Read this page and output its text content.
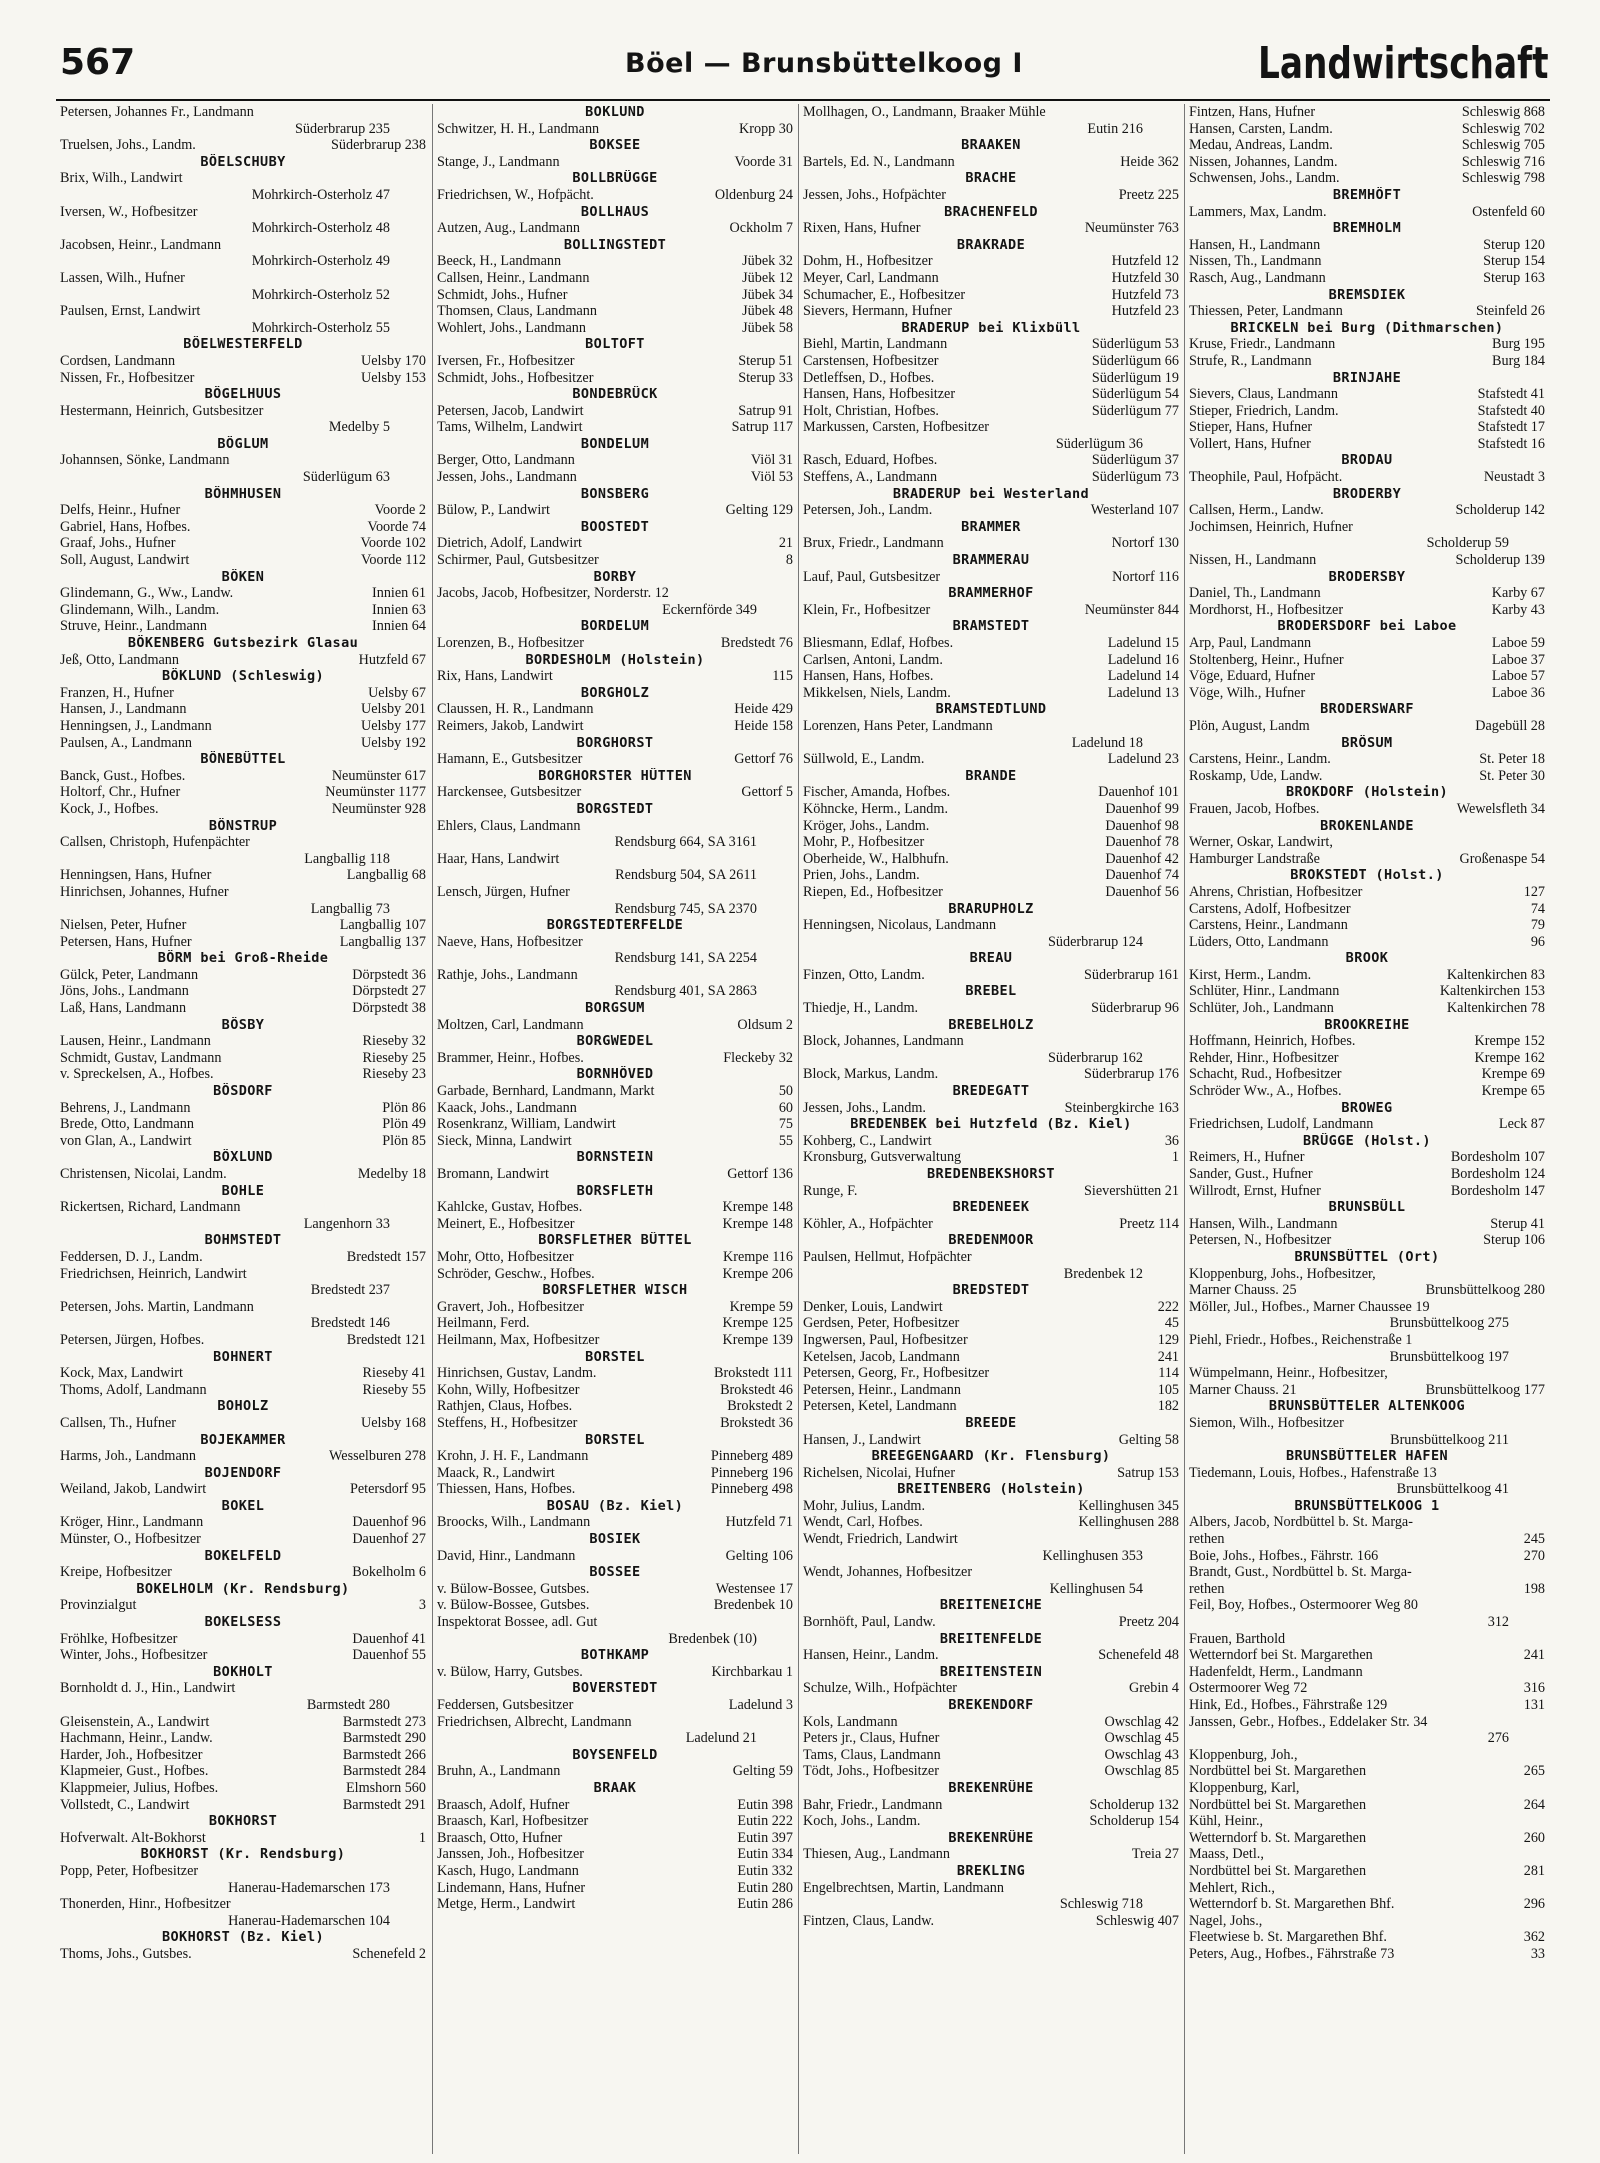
567	Böel — Brunsbüttelkoog I	Landwirtschaft
Petersen, Johannes Fr., Landmann
Süderbrarup 235
Truelsen, Johs., Landm.	Süderbrarup 238
BÖELSCHUBY
Brix, Wilh., Landwirt
Mohrkirch-Osterholz 47
Iversen, W., Hofbesitzer
Mohrkirch-Osterholz 48
Jacobsen, Heinr., Landmann
Mohrkirch-Osterholz 49
Lassen, Wilh., Hufner
Mohrkirch-Osterholz 52
Paulsen, Ernst, Landwirt
Mohrkirch-Osterholz 55
BÖELWESTERFELD
Cordsen, Landmann	Uelsby 170
Nissen, Fr., Hofbesitzer	Uelsby 153
BÖGELHUUS
Hestermann, Heinrich, Gutsbesitzer
Medelby 5
BÖGLUM
Johannsen, Sönke, Landmann
Süderlügum 63
BÖHMHUSEN
Delfs, Heinr., Hufner	Voorde 2
Gabriel, Hans, Hofbes.	Voorde 74
Graaf, Johs., Hufner	Voorde 102
Soll, August, Landwirt	Voorde 112
BÖKEN
Glindemann, G., Ww., Landw.	Innien 61
Glindemann, Wilh., Landm.	Innien 63
Struve, Heinr., Landmann	Innien 64
BÖKENBERG Gutsbezirk Glasau
Jeß, Otto, Landmann	Hutzfeld 67
BÖKLUND (Schleswig)
Franzen, H., Hufner	Uelsby 67
Hansen, J., Landmann	Uelsby 201
Henningsen, J., Landmann	Uelsby 177
Paulsen, A., Landmann	Uelsby 192
BÖNEBÜTTEL
Banck, Gust., Hofbes.	Neumünster 617
Holtorf, Chr., Hufner	Neumünster 1177
Kock, J., Hofbes.	Neumünster 928
BÖNSTRUP
Callsen, Christoph, Hufenpächter
Langballig 118
Henningsen, Hans, Hufner	Langballig 68
Hinrichsen, Johannes, Hufner
Langballig 73
Nielsen, Peter, Hufner	Langballig 107
Petersen, Hans, Hufner	Langballig 137
BÖRM bei Groß-Rheide
Gülck, Peter, Landmann	Dörpstedt 36
Jöns, Johs., Landmann	Dörpstedt 27
Laß, Hans, Landmann	Dörpstedt 38
BÖSBY
Lausen, Heinr., Landmann	Rieseby 32
Schmidt, Gustav, Landmann	Rieseby 25
v. Spreckelsen, A., Hofbes.	Rieseby 23
BÖSDORF
Behrens, J., Landmann	Plön 86
Brede, Otto, Landmann	Plön 49
von Glan, A., Landwirt	Plön 85
BÖXLUND
Christensen, Nicolai, Landm.	Medelby 18
BOHLE
Rickertsen, Richard, Landmann
Langenhorn 33
BOHMSTEDT
Feddersen, D. J., Landm.	Bredstedt 157
Friedrichsen, Heinrich, Landwirt
Bredstedt 237
Petersen, Johs. Martin, Landmann
Bredstedt 146
Petersen, Jürgen, Hofbes.	Bredstedt 121
BOHNERT
Kock, Max, Landwirt	Rieseby 41
Thoms, Adolf, Landmann	Rieseby 55
BOHOLZ
Callsen, Th., Hufner	Uelsby 168
BOJEKAMMER
Harms, Joh., Landmann	Wesselburen 278
BOJENDORF
Weiland, Jakob, Landwirt	Petersdorf 95
BOKEL
Kröger, Hinr., Landmann	Dauenhof 96
Münster, O., Hofbesitzer	Dauenhof 27
BOKELFELD
Kreipe, Hofbesitzer	Bokelholm 6
BOKELHOLM (Kr. Rendsburg)
Provinzialgut	3
BOKELSESS
Fröhlke, Hofbesitzer	Dauenhof 41
Winter, Johs., Hofbesitzer	Dauenhof 55
BOKHOLT
Bornholdt d. J., Hin., Landwirt
Barmstedt 280
Gleisenstein, A., Landwirt	Barmstedt 273
Hachmann, Heinr., Landw.	Barmstedt 290
Harder, Joh., Hofbesitzer	Barmstedt 266
Klapmeier, Gust., Hofbes.	Barmstedt 284
Klappmeier, Julius, Hofbes.	Elmshorn 560
Vollstedt, C., Landwirt	Barmstedt 291
BOKHORST
Hofverwalt. Alt-Bokhorst	1
BOKHORST (Kr. Rendsburg)
Popp, Peter, Hofbesitzer
Hanerau-Hademarschen 173
Thonerden, Hinr., Hofbesitzer
Hanerau-Hademarschen 104
BOKHORST (Bz. Kiel)
Thoms, Johs., Gutsbes.	Schenefeld 2
BOKLUND
Schwitzer, H. H., Landmann	Kropp 30
BOKSEE
Stange, J., Landmann	Voorde 31
BOLLBRÜGGE
Friedrichsen, W., Hofpächt.	Oldenburg 24
BOLLHAUS
Autzen, Aug., Landmann	Ockholm 7
BOLLINGSTEDT
Beeck, H., Landmann	Jübek 32
Callsen, Heinr., Landmann	Jübek 12
Schmidt, Johs., Hufner	Jübek 34
Thomsen, Claus, Landmann	Jübek 48
Wohlert, Johs., Landmann	Jübek 58
BOLTOFT
Iversen, Fr., Hofbesitzer	Sterup 51
Schmidt, Johs., Hofbesitzer	Sterup 33
BONDEBRÜCK
Petersen, Jacob, Landwirt	Satrup 91
Tams, Wilhelm, Landwirt	Satrup 117
BONDELUM
Berger, Otto, Landmann	Viöl 31
Jessen, Johs., Landmann	Viöl 53
BONSBERG
Bülow, P., Landwirt	Gelting 129
BOOSTEDT
Dietrich, Adolf, Landwirt	21
Schirmer, Paul, Gutsbesitzer	8
BORBY
Jacobs, Jacob, Hofbesitzer, Norderstr. 12
Eckernförde 349
BORDELUM
Lorenzen, B., Hofbesitzer	Bredstedt 76
BORDESHOLM (Holstein)
Rix, Hans, Landwirt	115
BORGHOLZ
Claussen, H. R., Landmann	Heide 429
Reimers, Jakob, Landwirt	Heide 158
BORGHORST
Hamann, E., Gutsbesitzer	Gettorf 76
BORGHORSTER HÜTTEN
Harckensee, Gutsbesitzer	Gettorf 5
BORGSTEDT
Ehlers, Claus, Landmann
Rendsburg 664, SA 3161
Haar, Hans, Landwirt
Rendsburg 504, SA 2611
Lensch, Jürgen, Hufner
Rendsburg 745, SA 2370
BORGSTEDTERFELDE
Naeve, Hans, Hofbesitzer
Rendsburg 141, SA 2254
Rathje, Johs., Landmann
Rendsburg 401, SA 2863
BORGSUM
Moltzen, Carl, Landmann	Oldsum 2
BORGWEDEL
Brammer, Heinr., Hofbes.	Fleckeby 32
BORNHÖVED
Garbade, Bernhard, Landmann, Markt	50
Kaack, Johs., Landmann	60
Rosenkranz, William, Landwirt	75
Sieck, Minna, Landwirt	55
BORNSTEIN
Bromann, Landwirt	Gettorf 136
BORSFLETH
Kahlcke, Gustav, Hofbes.	Krempe 148
Meinert, E., Hofbesitzer	Krempe 148
BORSFLETHER BÜTTEL
Mohr, Otto, Hofbesitzer	Krempe 116
Schröder, Geschw., Hofbes.	Krempe 206
BORSFLETHER WISCH
Gravert, Joh., Hofbesitzer	Krempe 59
Heilmann, Ferd.	Krempe 125
Heilmann, Max, Hofbesitzer	Krempe 139
BORSTEL
Hinrichsen, Gustav, Landm.	Brokstedt 111
Kohn, Willy, Hofbesitzer	Brokstedt 46
Rathjen, Claus, Hofbes.	Brokstedt 2
Steffens, H., Hofbesitzer	Brokstedt 36
BORSTEL
Krohn, J. H. F., Landmann	Pinneberg 489
Maack, R., Landwirt	Pinneberg 196
Thiessen, Hans, Hofbes.	Pinneberg 498
BOSAU (Bz. Kiel)
Broocks, Wilh., Landmann	Hutzfeld 71
BOSIEK
David, Hinr., Landmann	Gelting 106
BOSSEE
v. Bülow-Bossee, Gutsbes.	Westensee 17
v. Bülow-Bossee, Gutsbes.	Bredenbek 10
Inspektorat Bossee, adl. Gut
Bredenbek (10)
BOTHKAMP
v. Bülow, Harry, Gutsbes.	Kirchbarkau 1
BOVERSTEDT
Feddersen, Gutsbesitzer	Ladelund 3
Friedrichsen, Albrecht, Landmann
Ladelund 21
BOYSENFELD
Bruhn, A., Landmann	Gelting 59
BRAAK
Braasch, Adolf, Hufner	Eutin 398
Braasch, Karl, Hofbesitzer	Eutin 222
Braasch, Otto, Hufner	Eutin 397
Janssen, Joh., Hofbesitzer	Eutin 334
Kasch, Hugo, Landmann	Eutin 332
Lindemann, Hans, Hufner	Eutin 280
Metge, Herm., Landwirt	Eutin 286
Mollhagen, O., Landmann, Braaker Mühle
Eutin 216
BRAAKEN
Bartels, Ed. N., Landmann	Heide 362
BRACHE
Jessen, Johs., Hofpächter	Preetz 225
BRACHENFELD
Rixen, Hans, Hufner	Neumünster 763
BRAKRADE
Dohm, H., Hofbesitzer	Hutzfeld 12
Meyer, Carl, Landmann	Hutzfeld 30
Schumacher, E., Hofbesitzer	Hutzfeld 73
Sievers, Hermann, Hufner	Hutzfeld 23
BRADERUP bei Klixbüll
Biehl, Martin, Landmann	Süderlügum 53
Carstensen, Hofbesitzer	Süderlügum 66
Detleffsen, D., Hofbes.	Süderlügum 19
Hansen, Hans, Hofbesitzer	Süderlügum 54
Holt, Christian, Hofbes.	Süderlügum 77
Markussen, Carsten, Hofbesitzer
Süderlügum 36
Rasch, Eduard, Hofbes.	Süderlügum 37
Steffens, A., Landmann	Süderlügum 73
BRADERUP bei Westerland
Petersen, Joh., Landm.	Westerland 107
BRAMMER
Brux, Friedr., Landmann	Nortorf 130
BRAMMERAU
Lauf, Paul, Gutsbesitzer	Nortorf 116
BRAMMERHOF
Klein, Fr., Hofbesitzer	Neumünster 844
BRAMSTEDT
Bliesmann, Edlaf, Hofbes.	Ladelund 15
Carlsen, Antoni, Landm.	Ladelund 16
Hansen, Hans, Hofbes.	Ladelund 14
Mikkelsen, Niels, Landm.	Ladelund 13
BRAMSTEDTLUND
Lorenzen, Hans Peter, Landmann
Ladelund 18
Süllwold, E., Landm.	Ladelund 23
BRANDE
Fischer, Amanda, Hofbes.	Dauenhof 101
Köhncke, Herm., Landm.	Dauenhof 99
Kröger, Johs., Landm.	Dauenhof 98
Mohr, P., Hofbesitzer	Dauenhof 78
Oberheide, W., Halbhufn.	Dauenhof 42
Prien, Johs., Landm.	Dauenhof 74
Riepen, Ed., Hofbesitzer	Dauenhof 56
BRARUPHOLZ
Henningsen, Nicolaus, Landmann
Süderbrarup 124
BREAU
Finzen, Otto, Landm.	Süderbrarup 161
BREBEL
Thiedje, H., Landm.	Süderbrarup 96
BREBELHOLZ
Block, Johannes, Landmann
Süderbrarup 162
Block, Markus, Landm.	Süderbrarup 176
BREDEGATT
Jessen, Johs., Landm.	Steinbergkirche 163
BREDENBEK bei Hutzfeld (Bz. Kiel)
Kohberg, C., Landwirt	36
Kronsburg, Gutsverwaltung	1
BREDENBEKSHORST
Runge, F.	Sievershütten 21
BREDENEEK
Köhler, A., Hofpächter	Preetz 114
BREDENMOOR
Paulsen, Hellmut, Hofpächter
Bredenbek 12
BREDSTEDT
Denker, Louis, Landwirt	222
Gerdsen, Peter, Hofbesitzer	45
Ingwersen, Paul, Hofbesitzer	129
Ketelsen, Jacob, Landmann	241
Petersen, Georg, Fr., Hofbesitzer	114
Petersen, Heinr., Landmann	105
Petersen, Ketel, Landmann	182
BREEDE
Hansen, J., Landwirt	Gelting 58
BREEGENGAARD (Kr. Flensburg)
Richelsen, Nicolai, Hufner	Satrup 153
BREITENBERG (Holstein)
Mohr, Julius, Landm.	Kellinghusen 345
Wendt, Carl, Hofbes.	Kellinghusen 288
Wendt, Friedrich, Landwirt
Kellinghusen 353
Wendt, Johannes, Hofbesitzer
Kellinghusen 54
BREITENEICHE
Bornhöft, Paul, Landw.	Preetz 204
BREITENFELDE
Hansen, Heinr., Landm.	Schenefeld 48
BREITENSTEIN
Schulze, Wilh., Hofpächter	Grebin 4
BREKENDORF
Kols, Landmann	Owschlag 42
Peters jr., Claus, Hufner	Owschlag 45
Tams, Claus, Landmann	Owschlag 43
Tödt, Johs., Hofbesitzer	Owschlag 85
BREKENRÜHE
Bahr, Friedr., Landmann	Scholderup 132
Koch, Johs., Landm.	Scholderup 154
BREKENRÜHE
Thiesen, Aug., Landmann	Treia 27
BREKLING
Engelbrechtsen, Martin, Landmann
Schleswig 718
Fintzen, Claus, Landw.	Schleswig 407
Fintzen, Hans, Hufner	Schleswig 868
Hansen, Carsten, Landm.	Schleswig 702
Medau, Andreas, Landm.	Schleswig 705
Nissen, Johannes, Landm.	Schleswig 716
Schwensen, Johs., Landm.	Schleswig 798
BREMHÖFT
Lammers, Max, Landm.	Ostenfeld 60
BREMHOLM
Hansen, H., Landmann	Sterup 120
Nissen, Th., Landmann	Sterup 154
Rasch, Aug., Landmann	Sterup 163
BREMSDIEK
Thiessen, Peter, Landmann	Steinfeld 26
BRICKELN bei Burg (Dithmarschen)
Kruse, Friedr., Landmann	Burg 195
Strufe, R., Landmann	Burg 184
BRINJAHE
Sievers, Claus, Landmann	Stafstedt 41
Stieper, Friedrich, Landm.	Stafstedt 40
Stieper, Hans, Hufner	Stafstedt 17
Vollert, Hans, Hufner	Stafstedt 16
BRODAU
Theophile, Paul, Hofpächt.	Neustadt 3
BRODERBY
Callsen, Herm., Landw.	Scholderup 142
Jochimsen, Heinrich, Hufner
Scholderup 59
Nissen, H., Landmann	Scholderup 139
BRODERSBY
Daniel, Th., Landmann	Karby 67
Mordhorst, H., Hofbesitzer	Karby 43
BRODERSDORF bei Laboe
Arp, Paul, Landmann	Laboe 59
Stoltenberg, Heinr., Hufner	Laboe 37
Vöge, Eduard, Hufner	Laboe 57
Vöge, Wilh., Hufner	Laboe 36
BRODERSWARF
Plön, August, Landm	Dagebüll 28
BRÖSUM
Carstens, Heinr., Landm.	St. Peter 18
Roskamp, Ude, Landw.	St. Peter 30
BROKDORF (Holstein)
Frauen, Jacob, Hofbes.	Wewelsfleth 34
BROKENLANDE
Werner, Oskar, Landwirt,
Hamburger Landstraße	Großenaspe 54
BROKSTEDT (Holst.)
Ahrens, Christian, Hofbesitzer	127
Carstens, Adolf, Hofbesitzer	74
Carstens, Heinr., Landmann	79
Lüders, Otto, Landmann	96
BROOK
Kirst, Herm., Landm.	Kaltenkirchen 83
Schlüter, Hinr., Landmann	Kaltenkirchen 153
Schlüter, Joh., Landmann	Kaltenkirchen 78
BROOKREIHE
Hoffmann, Heinrich, Hofbes.	Krempe 152
Rehder, Hinr., Hofbesitzer	Krempe 162
Schacht, Rud., Hofbesitzer	Krempe 69
Schröder Ww., A., Hofbes.	Krempe 65
BROWEG
Friedrichsen, Ludolf, Landmann	Leck 87
BRÜGGE (Holst.)
Reimers, H., Hufner	Bordesholm 107
Sander, Gust., Hufner	Bordesholm 124
Willrodt, Ernst, Hufner	Bordesholm 147
BRUNSBÜLL
Hansen, Wilh., Landmann	Sterup 41
Petersen, N., Hofbesitzer	Sterup 106
BRUNSBÜTTEL (Ort)
Kloppenburg, Johs., Hofbesitzer,
Marner Chauss. 25	Brunsbüttelkoog 280
Möller, Jul., Hofbes., Marner Chaussee 19
Brunsbüttelkoog 275
Piehl, Friedr., Hofbes., Reichenstraße 1
Brunsbüttelkoog 197
Wümpelmann, Heinr., Hofbesitzer,
Marner Chauss. 21	Brunsbüttelkoog 177
BRUNSBÜTTELER ALTENKOOG
Siemon, Wilh., Hofbesitzer
Brunsbüttelkoog 211
BRUNSBÜTTELER HAFEN
Tiedemann, Louis, Hofbes., Hafenstraße 13
Brunsbüttelkoog 41
BRUNSBÜTTELKOOG 1
Albers, Jacob, Nordbüttel b. St. Marga-
rethen	245
Boie, Johs., Hofbes., Fährstr. 166	270
Brandt, Gust., Nordbüttel b. St. Marga-
rethen	198
Feil, Boy, Hofbes., Ostermoorer Weg 80
312
Frauen, Barthold
Wetterndorf bei St. Margarethen	241
Hadenfeldt, Herm., Landmann
Ostermoorer Weg 72	316
Hink, Ed., Hofbes., Fährstraße 129	131
Janssen, Gebr., Hofbes., Eddelaker Str. 34
276
Kloppenburg, Joh.,
Nordbüttel bei St. Margarethen	265
Kloppenburg, Karl,
Nordbüttel bei St. Margarethen	264
Kühl, Heinr.,
Wetterndorf b. St. Margarethen	260
Maass, Detl.,
Nordbüttel bei St. Margarethen	281
Mehlert, Rich.,
Wetterndorf b. St. Margarethen Bhf.	296
Nagel, Johs.,
Fleetwiese b. St. Margarethen Bhf.	362
Peters, Aug., Hofbes., Fährstraße 73	33
